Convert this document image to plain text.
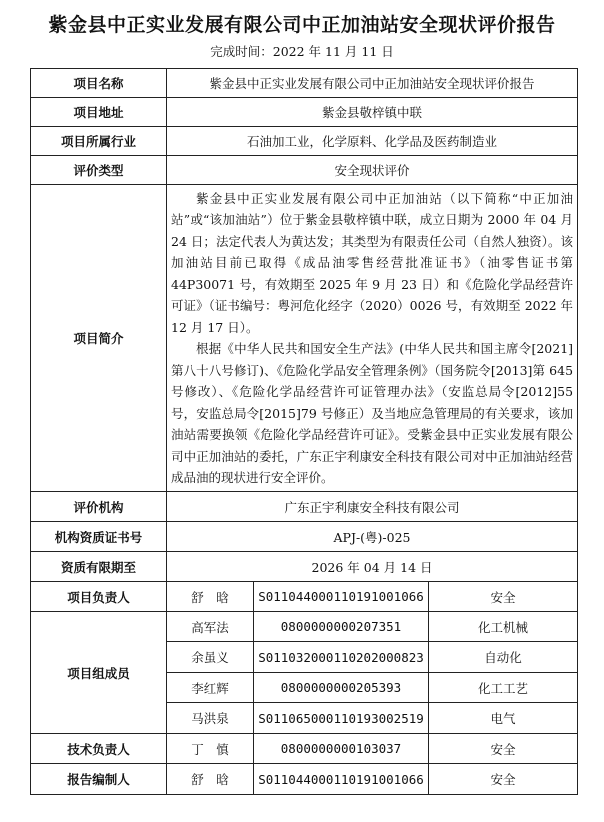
紫金县中正实业发展有限公司中正加油站安全现状评价报告
完成时间：2022 年 11 月 11 日
项目名称	紫金县中正实业发展有限公司中正加油站安全现状评价报告		
项目地址	紫金县敬梓镇中联		
项目所属行业	石油加工业，化学原料、化学品及医药制造业		
评价类型	安全现状评价		
项目简介	紫金县中正实业发展有限公司中正加油站（以下简称“中正加油站”或“该加油站”）位于紫金县敬梓镇中联，成立日期为 2000 年 04 月 24 日；法定代表人为黄达发；其类型为有限责任公司（自然人独资）。该加油站目前已取得《成品油零售经营批准证书》（油零售证书第 44P30071 号，有效期至 2025 年 9 月 23 日）和《危险化学品经营许可证》（证书编号：粤河危化经字（2020）0026 号，有效期至 2022 年 12 月 17 日）。

根据《中华人民共和国安全生产法》(中华人民共和国主席令[2021]第八十八号修订)、《危险化学品安全管理条例》（国务院令[2013]第 645 号修改）、《危险化学品经营许可证管理办法》（安监总局令[2012]55 号，安监总局令[2015]79 号修正）及当地应急管理局的有关要求，该加油站需要换领《危险化学品经营许可证》。受紫金县中正实业发展有限公司中正加油站的委托，广东正宇利康安全科技有限公司对中正加油站经营成品油的现状进行安全评价。		

评价机构	广东正宇利康安全科技有限公司		
机构资质证书号	APJ-(粤)-025		
资质有限期至	2026 年 04 月 14 日		
项目负责人	舒　晗	S011044000110191001066	安全
项目组成员	高军法	0800000000207351	化工机械
	余虽义	S011032000110202000823	自动化
	李红辉	0800000000205393	化工工艺
	马洪泉	S011065000110193002519	电气
技术负责人	丁　慎	0800000000103037	安全
报告编制人	舒　晗	S011044000110191001066	安全
